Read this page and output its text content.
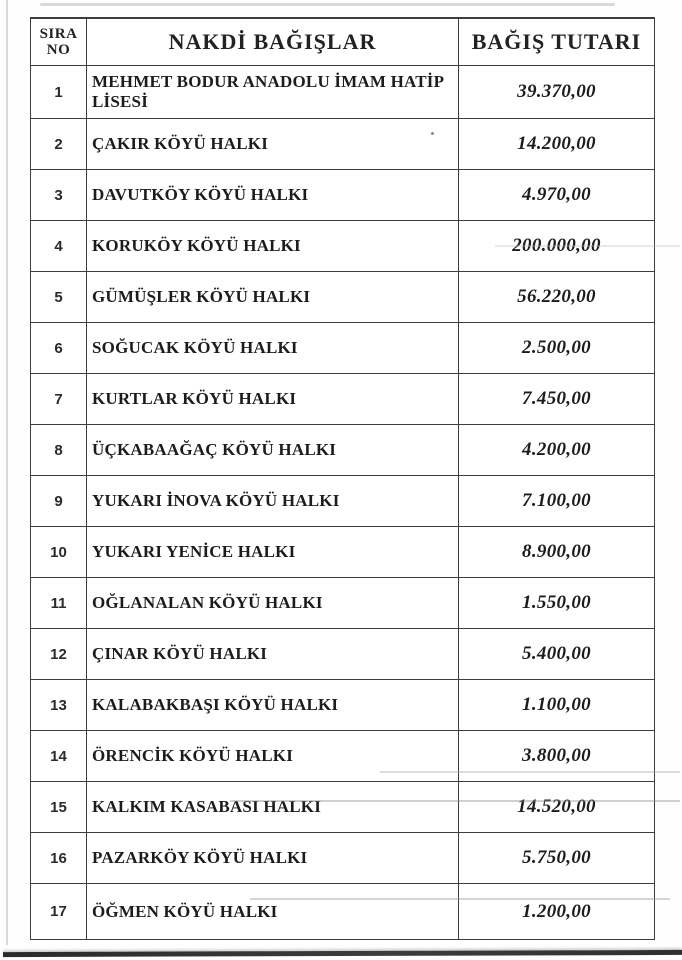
SIRA NO	NAKDİ BAĞIŞLAR	BAĞIŞ TUTARI
1	MEHMET BODUR ANADOLU İMAM HATİP LİSESİ	39.370,00
2	ÇAKIR KÖYÜ HALKI	14.200,00
3	DAVUTKÖY KÖYÜ HALKI	4.970,00
4	KORUKÖY KÖYÜ HALKI	200.000,00
5	GÜMÜŞLER KÖYÜ HALKI	56.220,00
6	SOĞUCAK KÖYÜ HALKI	2.500,00
7	KURTLAR KÖYÜ HALKI	7.450,00
8	ÜÇKABAAĞAÇ KÖYÜ HALKI	4.200,00
9	YUKARI İNOVA KÖYÜ HALKI	7.100,00
10	YUKARI YENİCE HALKI	8.900,00
11	OĞLANALAN KÖYÜ HALKI	1.550,00
12	ÇINAR KÖYÜ HALKI	5.400,00
13	KALABAKBAŞI KÖYÜ HALKI	1.100,00
14	ÖRENCİK KÖYÜ HALKI	3.800,00
15	KALKIM KASABASI HALKI	14.520,00
16	PAZARKÖY KÖYÜ HALKI	5.750,00
17	ÖĞMEN KÖYÜ HALKI	1.200,00
